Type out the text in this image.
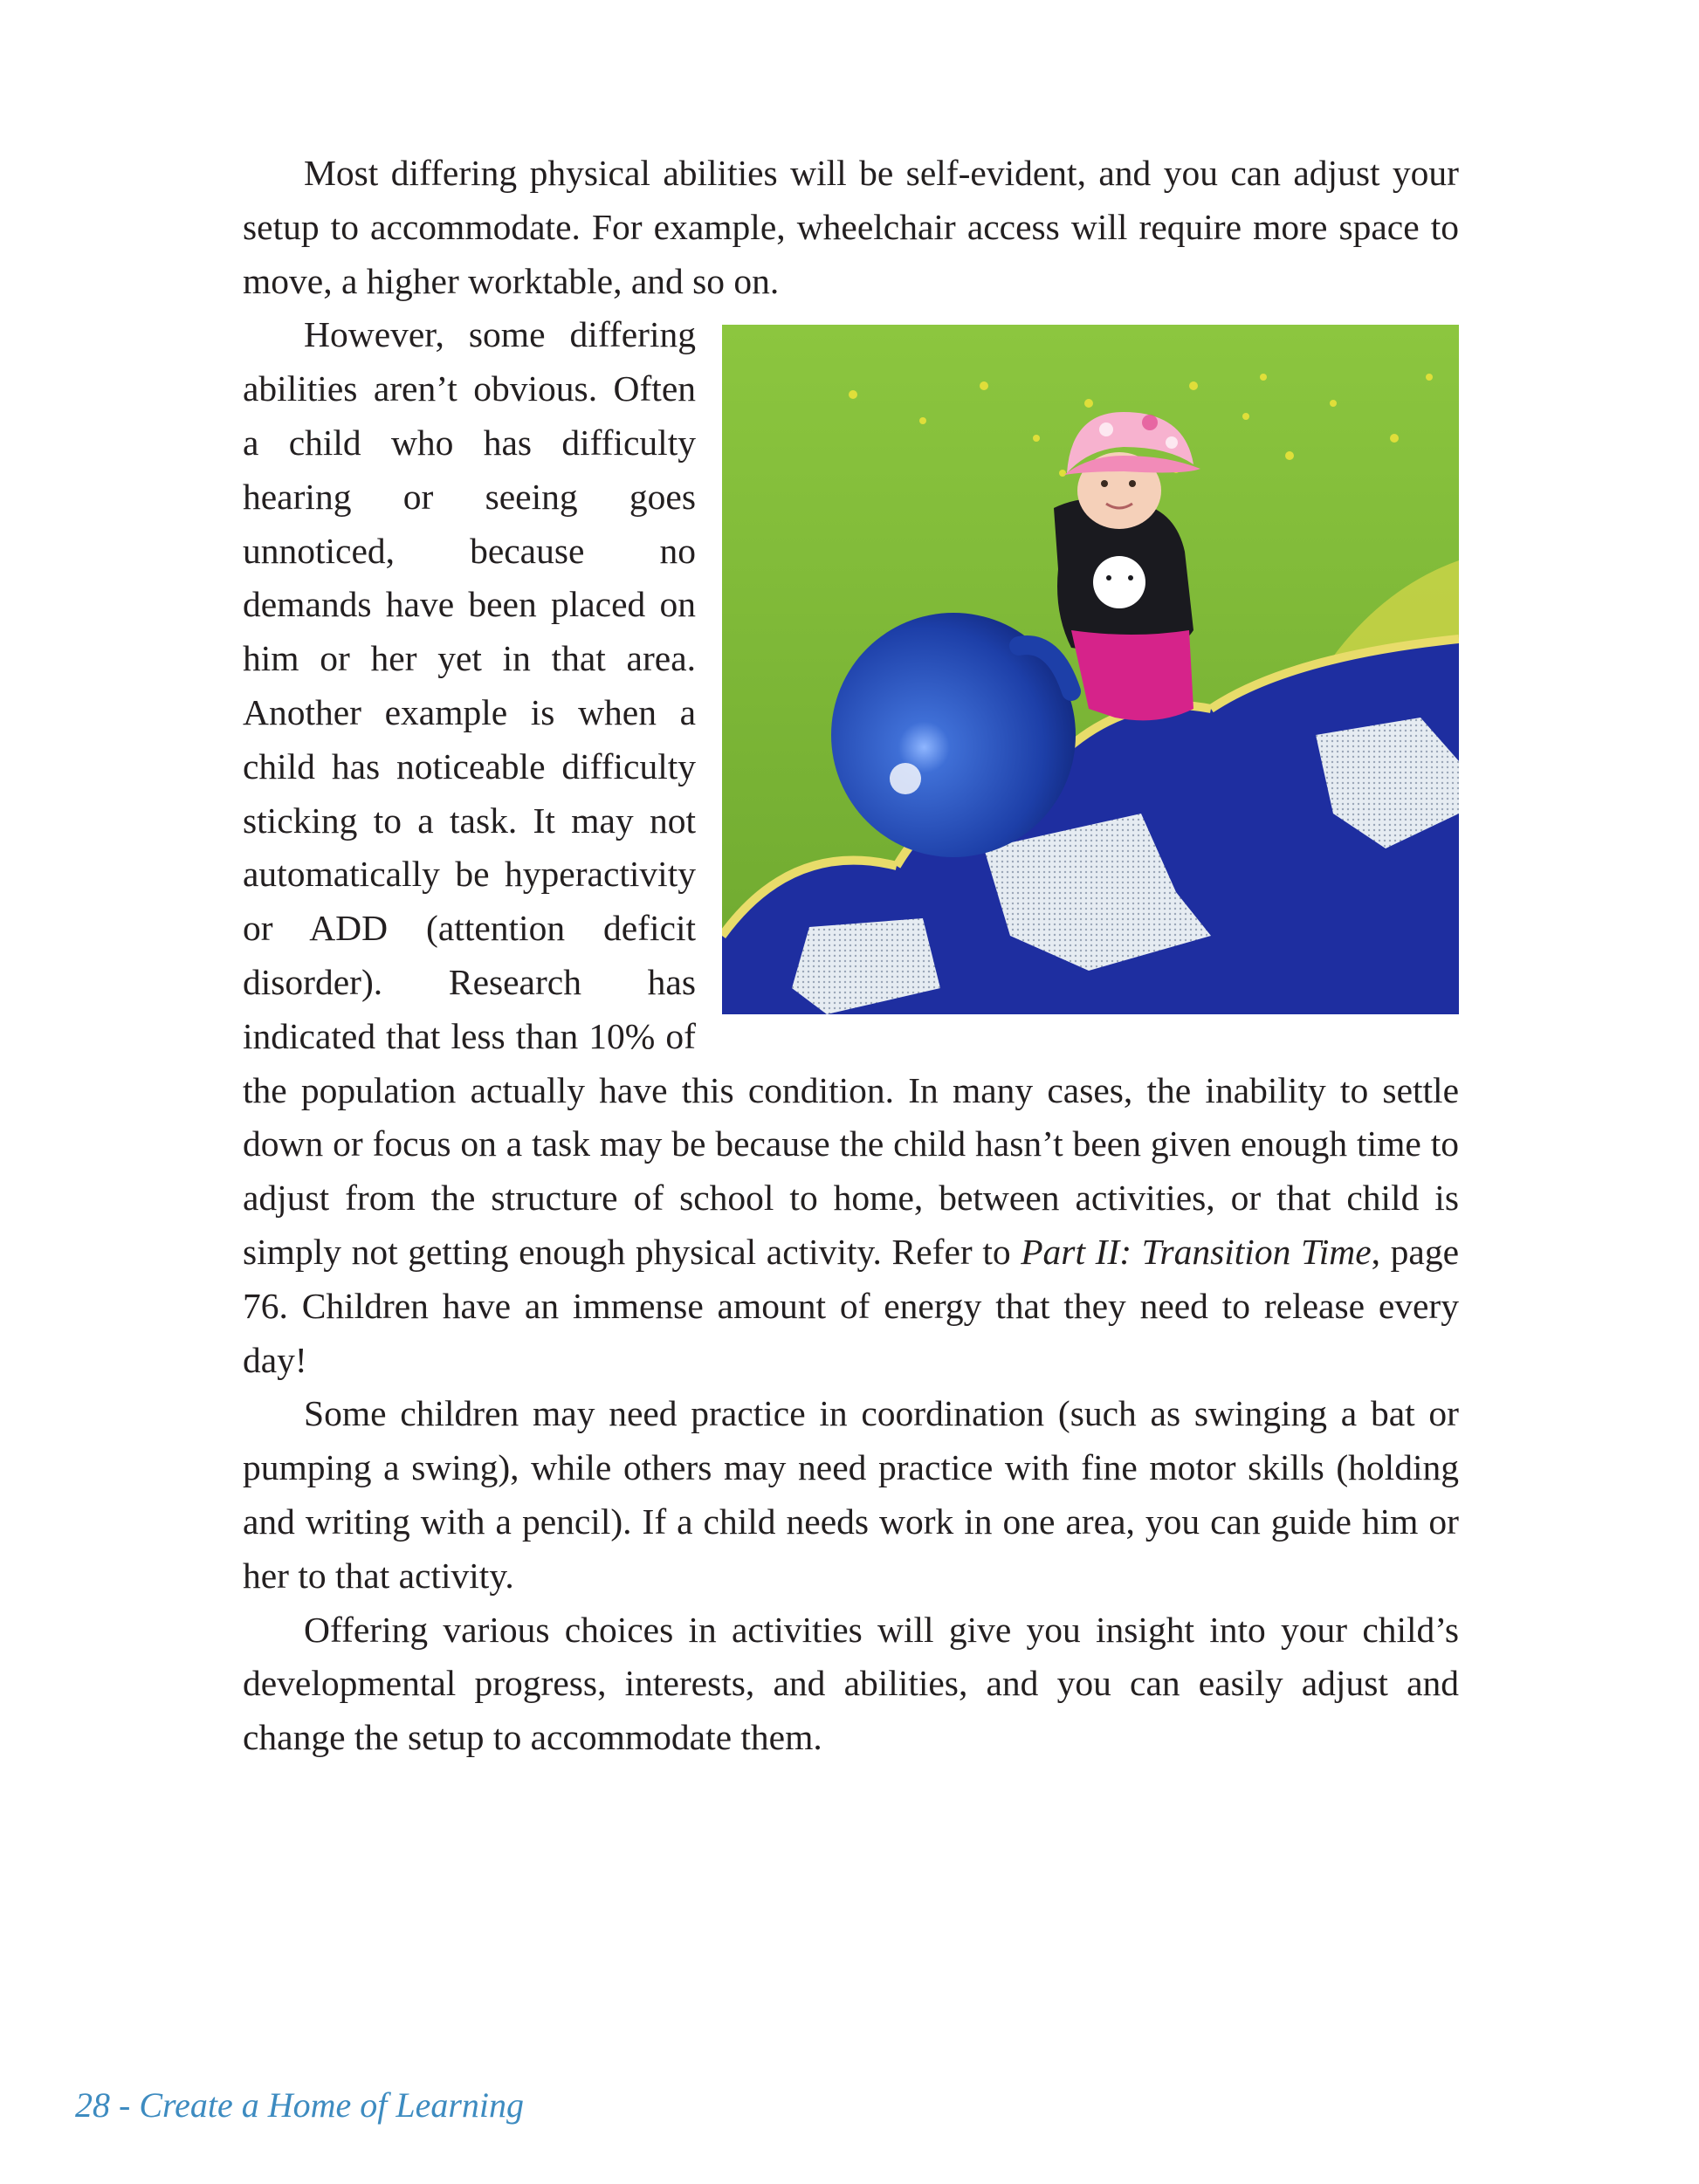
Most differing physical abilities will be self-evident, and you can adjust your setup to accommodate. For example, wheelchair access will require more space to move, a higher worktable, and so on.

However, some differing abilities aren’t obvious. Often a child who has difficulty hearing or seeing goes unnoticed, because no demands have been placed on him or her yet in that area. Another example is when a child has noticeable difficulty sticking to a task. It may not automatically be hyperactivity or ADD (attention deficit disorder). Research has indicated that less than 10% of the population actually have this condition. In many cases, the inability to settle down or focus on a task may be because the child hasn’t been given enough time to adjust from the structure of school to home, between activities, or that child is simply not getting enough physical activity. Refer to Part II: Transition Time, page 76. Children have an immense amount of energy that they need to release every day!

Some children may need practice in coordination (such as swinging a bat or pumping a swing), while others may need practice with fine motor skills (holding and writing with a pencil). If a child needs work in one area, you can guide him or her to that activity.

Offering various choices in activities will give you insight into your child’s developmental progress, interests, and abilities, and you can easily adjust and change the setup to accommodate them.

28 - Create a Home of Learning
